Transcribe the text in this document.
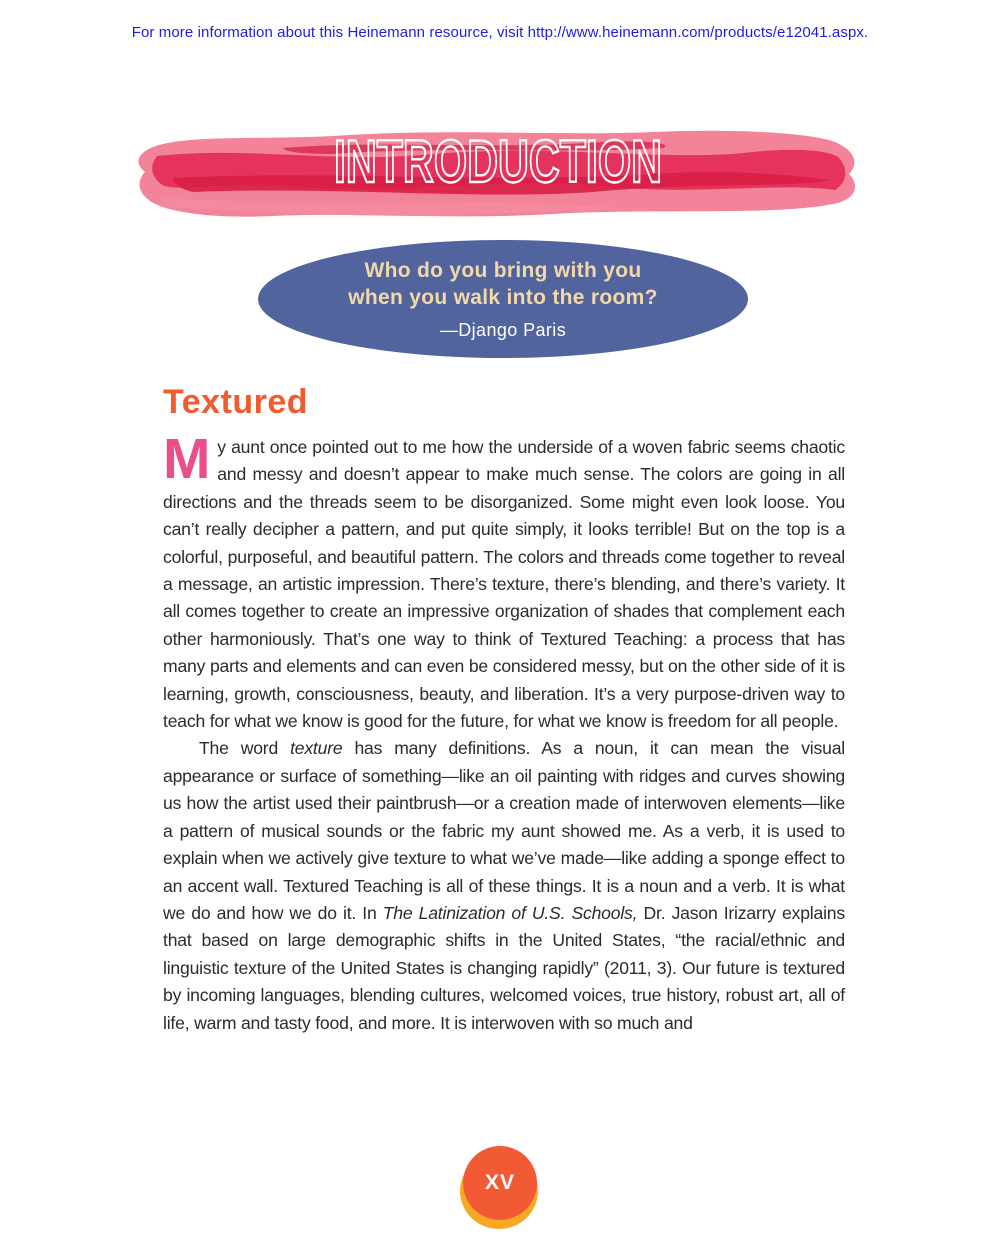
For more information about this Heinemann resource, visit http://www.heinemann.com/products/e12041.aspx.
INTRODUCTION
Who do you bring with you
when you walk into the room?
—Django Paris
Textured

My aunt once pointed out to me how the underside of a woven fabric seems chaotic and messy and doesn’t appear to make much sense. The colors are going in all directions and the threads seem to be disorganized. Some might even look loose. You can’t really decipher a pattern, and put quite simply, it looks terrible! But on the top is a colorful, purposeful, and beautiful pattern. The colors and threads come together to reveal a message, an artistic impression. There’s texture, there’s blending, and there’s variety. It all comes together to create an impressive organization of shades that complement each other harmoniously. That’s one way to think of Textured Teaching: a process that has many parts and elements and can even be considered messy, but on the other side of it is learning, growth, consciousness, beauty, and liberation. It’s a very purpose-driven way to teach for what we know is good for the future, for what we know is freedom for all people.

The word texture has many definitions. As a noun, it can mean the visual appearance or surface of something—like an oil painting with ridges and curves showing us how the artist used their paintbrush—or a creation made of interwoven elements—like a pattern of musical sounds or the fabric my aunt showed me. As a verb, it is used to explain when we actively give texture to what we’ve made—like adding a sponge effect to an accent wall. Textured Teaching is all of these things. It is a noun and a verb. It is what we do and how we do it. In The Latinization of U.S. Schools, Dr. Jason Irizarry explains that based on large demographic shifts in the United States, “the racial/ethnic and linguistic texture of the United States is changing rapidly” (2011, 3). Our future is textured by incoming languages, blending cultures, welcomed voices, true history, robust art, all of life, warm and tasty food, and more. It is interwoven with so much and

XV
